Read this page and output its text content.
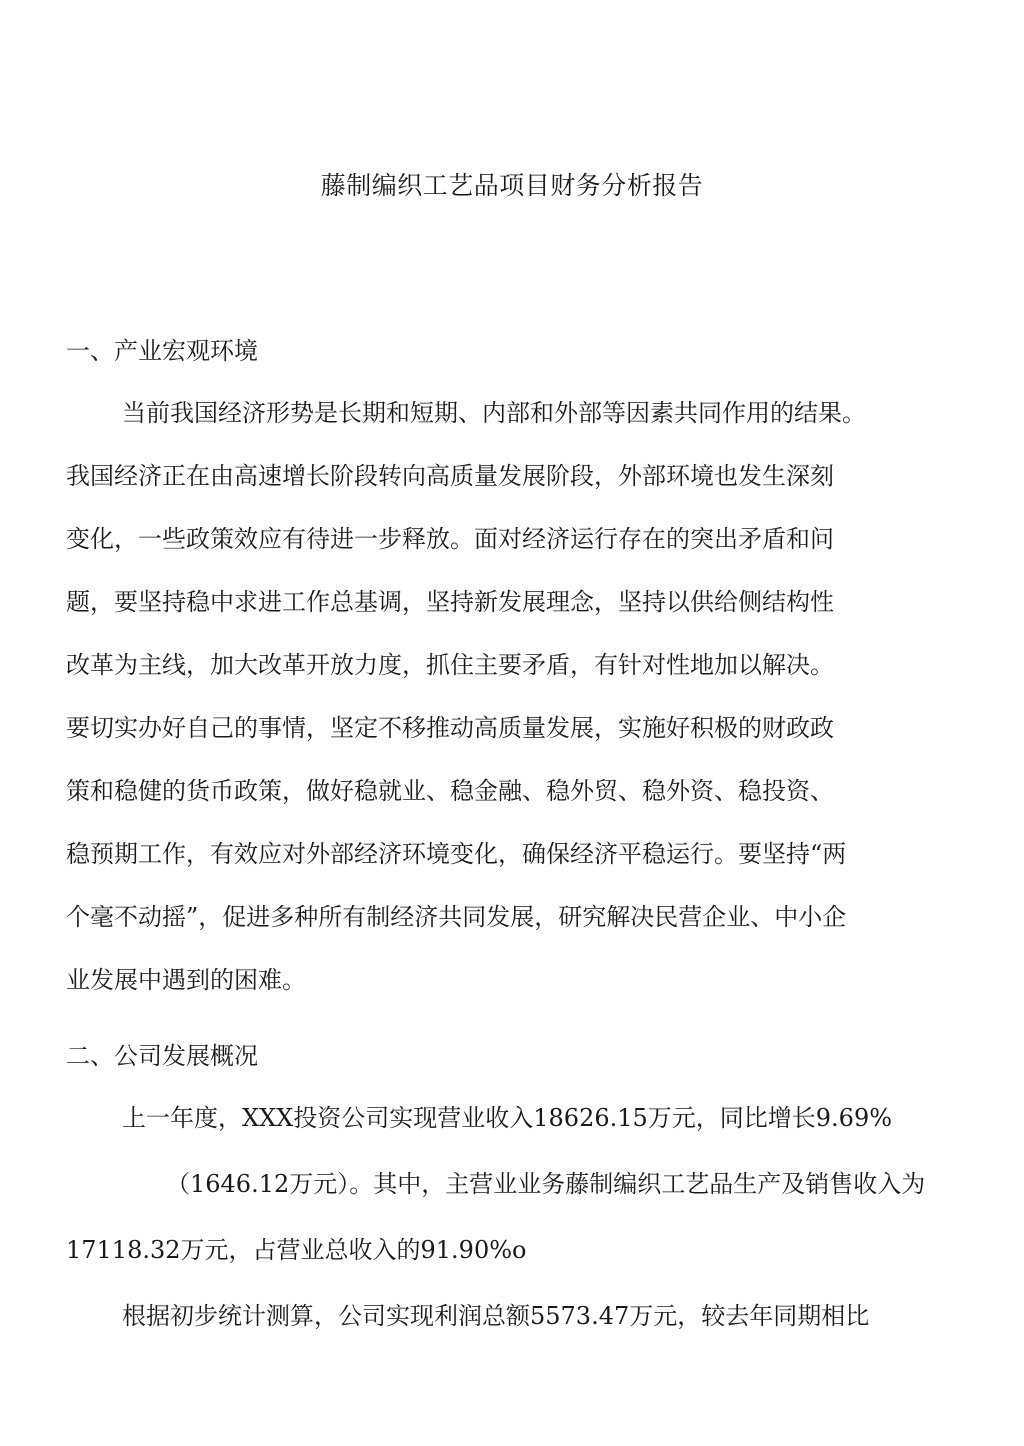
藤制编织工艺品项目财务分析报告
一、产业宏观环境
当前我国经济形势是长期和短期、内部和外部等因素共同作用的结果。
我国经济正在由高速增长阶段转向高质量发展阶段，外部环境也发生深刻
变化，一些政策效应有待进一步释放。面对经济运行存在的突出矛盾和问
题，要坚持稳中求进工作总基调，坚持新发展理念，坚持以供给侧结构性
改革为主线，加大改革开放力度，抓住主要矛盾，有针对性地加以解决。
要切实办好自己的事情，坚定不移推动高质量发展，实施好积极的财政政
策和稳健的货币政策，做好稳就业、稳金融、稳外贸、稳外资、稳投资、
稳预期工作，有效应对外部经济环境变化，确保经济平稳运行。要坚持“两
个毫不动摇”，促进多种所有制经济共同发展，研究解决民营企业、中小企
业发展中遇到的困难。
二、公司发展概况
上一年度，XXX投资公司实现营业收入18626.15万元，同比增长9.69%
（1646.12万元）。其中，主营业业务藤制编织工艺品生产及销售收入为
17118.32万元，占营业总收入的91.90%o
根据初步统计测算，公司实现利润总额5573.47万元，较去年同期相比
